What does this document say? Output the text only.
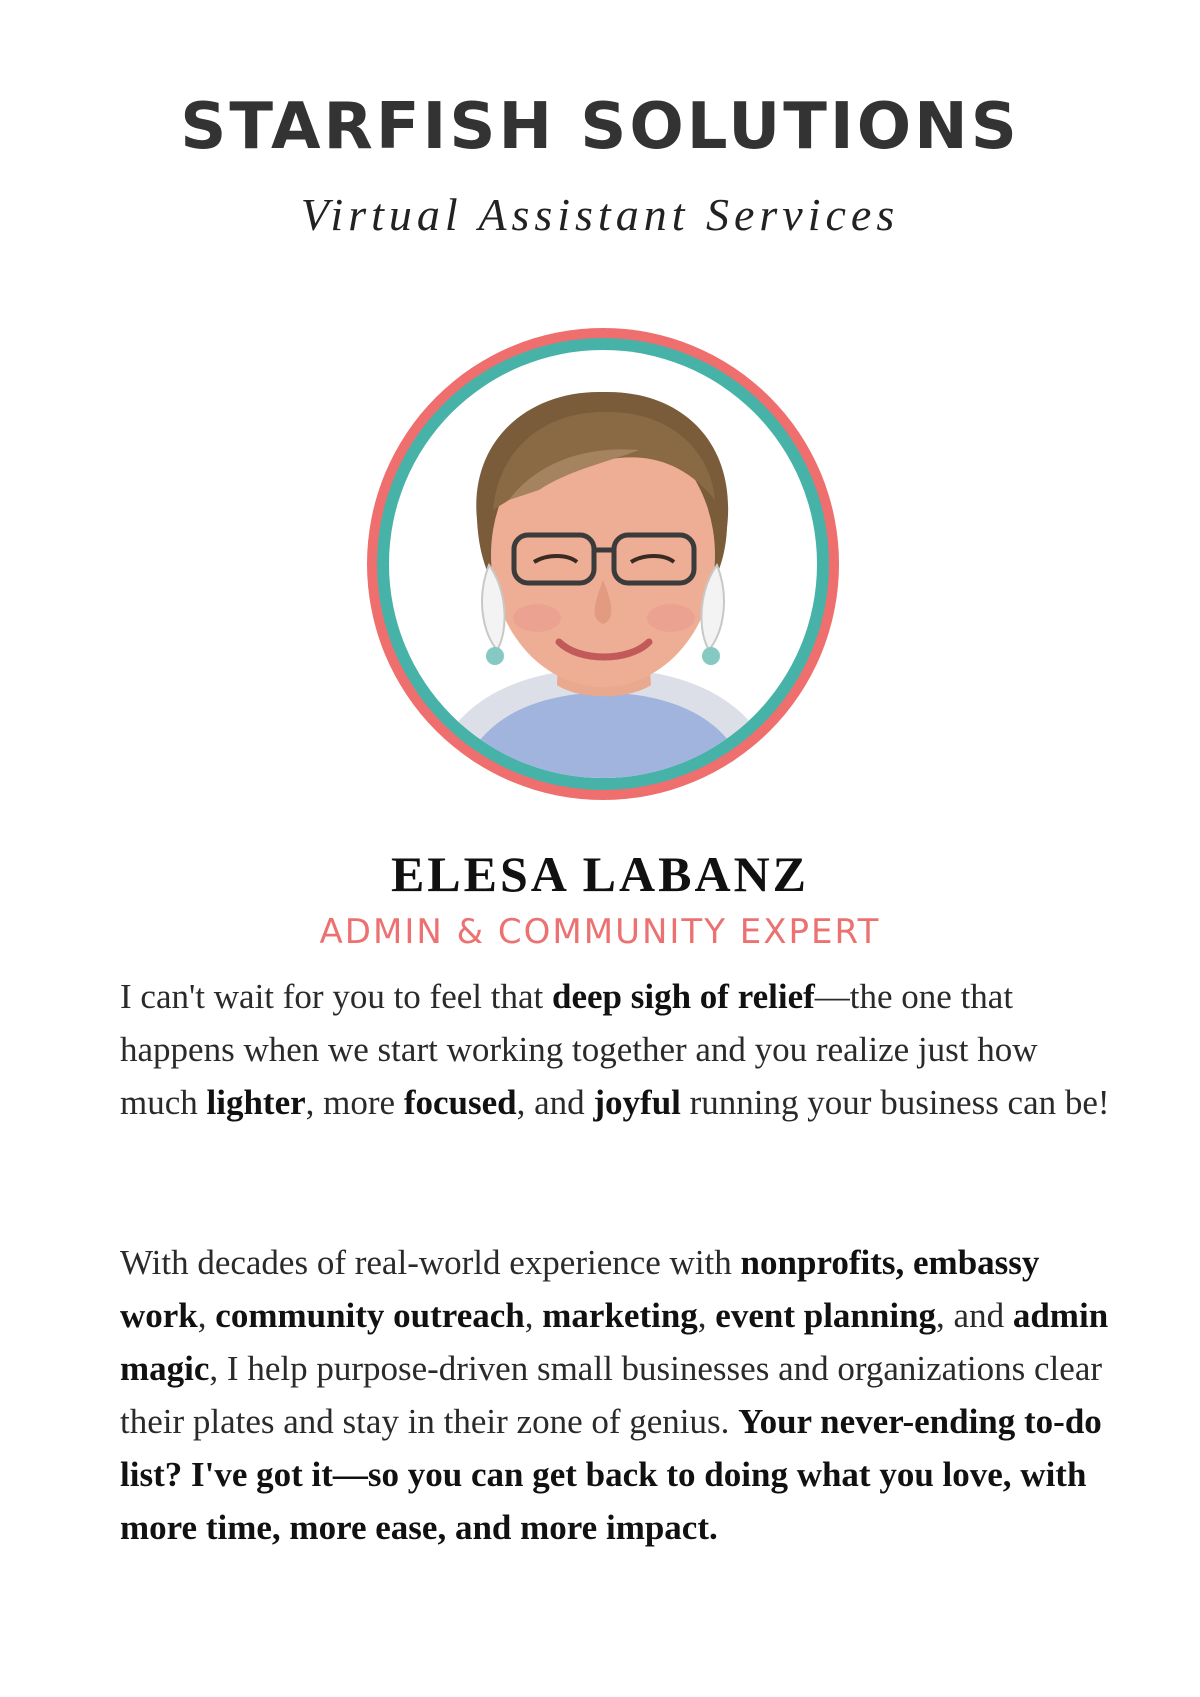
STARFISH SOLUTIONS
Virtual Assistant Services
ELESA LABANZ
ADMIN & COMMUNITY EXPERT

I can't wait for you to feel that deep sigh of relief—the one that happens when we start working together and you realize just how much lighter, more focused, and joyful running your business can be!

With decades of real-world experience with nonprofits, embassy work, community outreach, marketing, event planning, and admin magic, I help purpose-driven small businesses and organizations clear their plates and stay in their zone of genius. Your never-ending to-do list? I've got it—so you can get back to doing what you love, with more time, more ease, and more impact.
